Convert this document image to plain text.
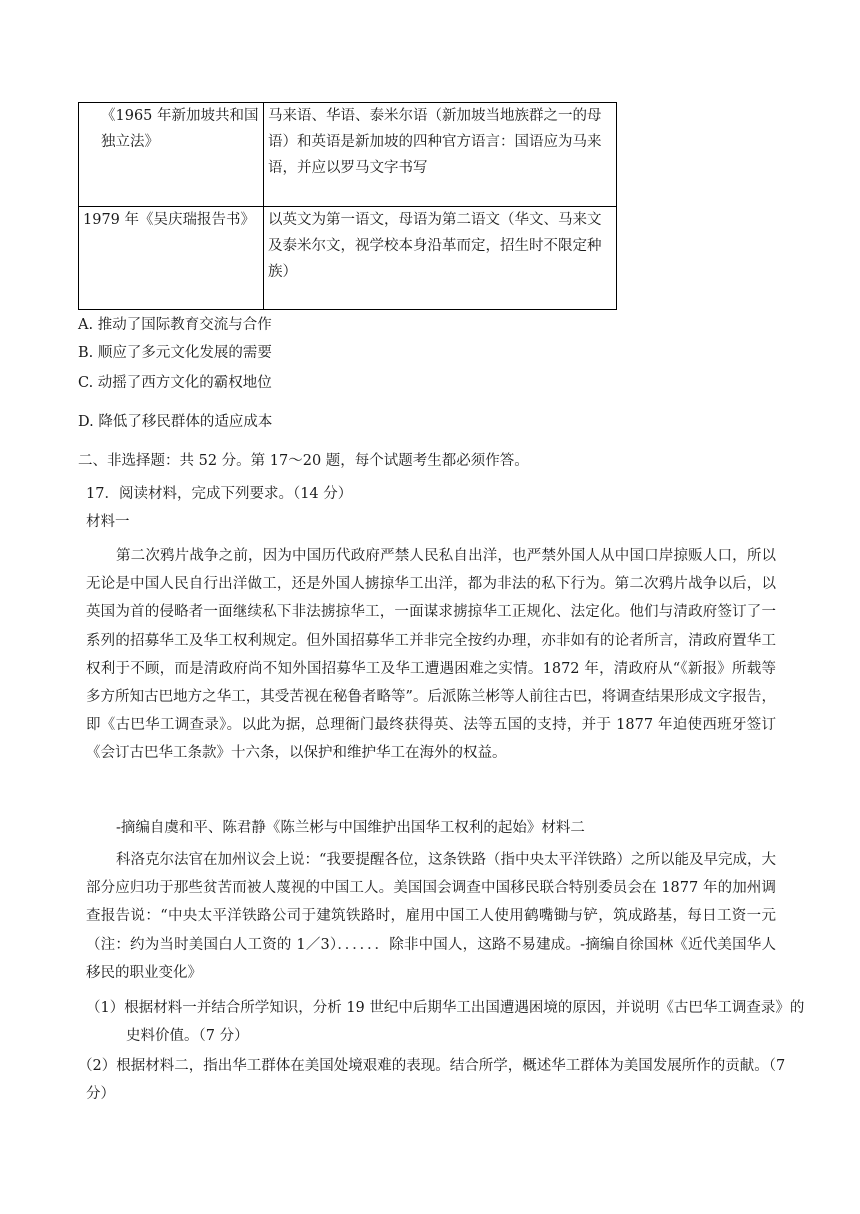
《1965 年新加坡共和国独立法》	马来语、华语、泰米尔语（新加坡当地族群之一的母语）和英语是新加坡的四种官方语言：国语应为马来语，并应以罗马文字书写
1979 年《吴庆瑞报告书》	以英文为第一语文，母语为第二语文（华文、马来文及泰米尔文，视学校本身沿革而定，招生时不限定种族）
A. 推动了国际教育交流与合作
B. 顺应了多元文化发展的需要
C. 动摇了西方文化的霸权地位
D. 降低了移民群体的适应成本
二、非选择题：共 52 分。第 17～20 题，每个试题考生都必须作答。
17．阅读材料，完成下列要求。（14 分）
材料一
第二次鸦片战争之前，因为中国历代政府严禁人民私自出洋，也严禁外国人从中国口岸掠贩人口，所以无论是中国人民自行出洋做工，还是外国人掳掠华工出洋，都为非法的私下行为。第二次鸦片战争以后，以英国为首的侵略者一面继续私下非法掳掠华工，一面谋求掳掠华工正规化、法定化。他们与清政府签订了一系列的招募华工及华工权利规定。但外国招募华工并非完全按约办理，亦非如有的论者所言，清政府置华工权利于不顾，而是清政府尚不知外国招募华工及华工遭遇困难之实情。1872 年，清政府从“《新报》所载等多方所知古巴地方之华工，其受苦视在秘鲁者略等”。后派陈兰彬等人前往古巴，将调查结果形成文字报告，即《古巴华工调查录》。以此为据，总理衙门最终获得英、法等五国的支持，并于 1877 年迫使西班牙签订《会订古巴华工条款》十六条，以保护和维护华工在海外的权益。
-摘编自虞和平、陈君静《陈兰彬与中国维护出国华工权利的起始》材料二
科洛克尔法官在加州议会上说：“我要提醒各位，这条铁路（指中央太平洋铁路）之所以能及早完成，大部分应归功于那些贫苦而被人蔑视的中国工人。美国国会调查中国移民联合特别委员会在 1877 年的加州调查报告说：“中央太平洋铁路公司于建筑铁路时，雇用中国工人使用鹤嘴锄与铲，筑成路基，每日工资一元（注：约为当时美国白人工资的 1／3）．．．．．．除非中国人，这路不易建成。-摘编自徐国林《近代美国华人移民的职业变化》
（1）根据材料一并结合所学知识，分析 19 世纪中后期华工出国遭遇困境的原因，并说明《古巴华工调查录》的史料价值。（7 分）
（2）根据材料二，指出华工群体在美国处境艰难的表现。结合所学，概述华工群体为美国发展所作的贡献。（7 分）
